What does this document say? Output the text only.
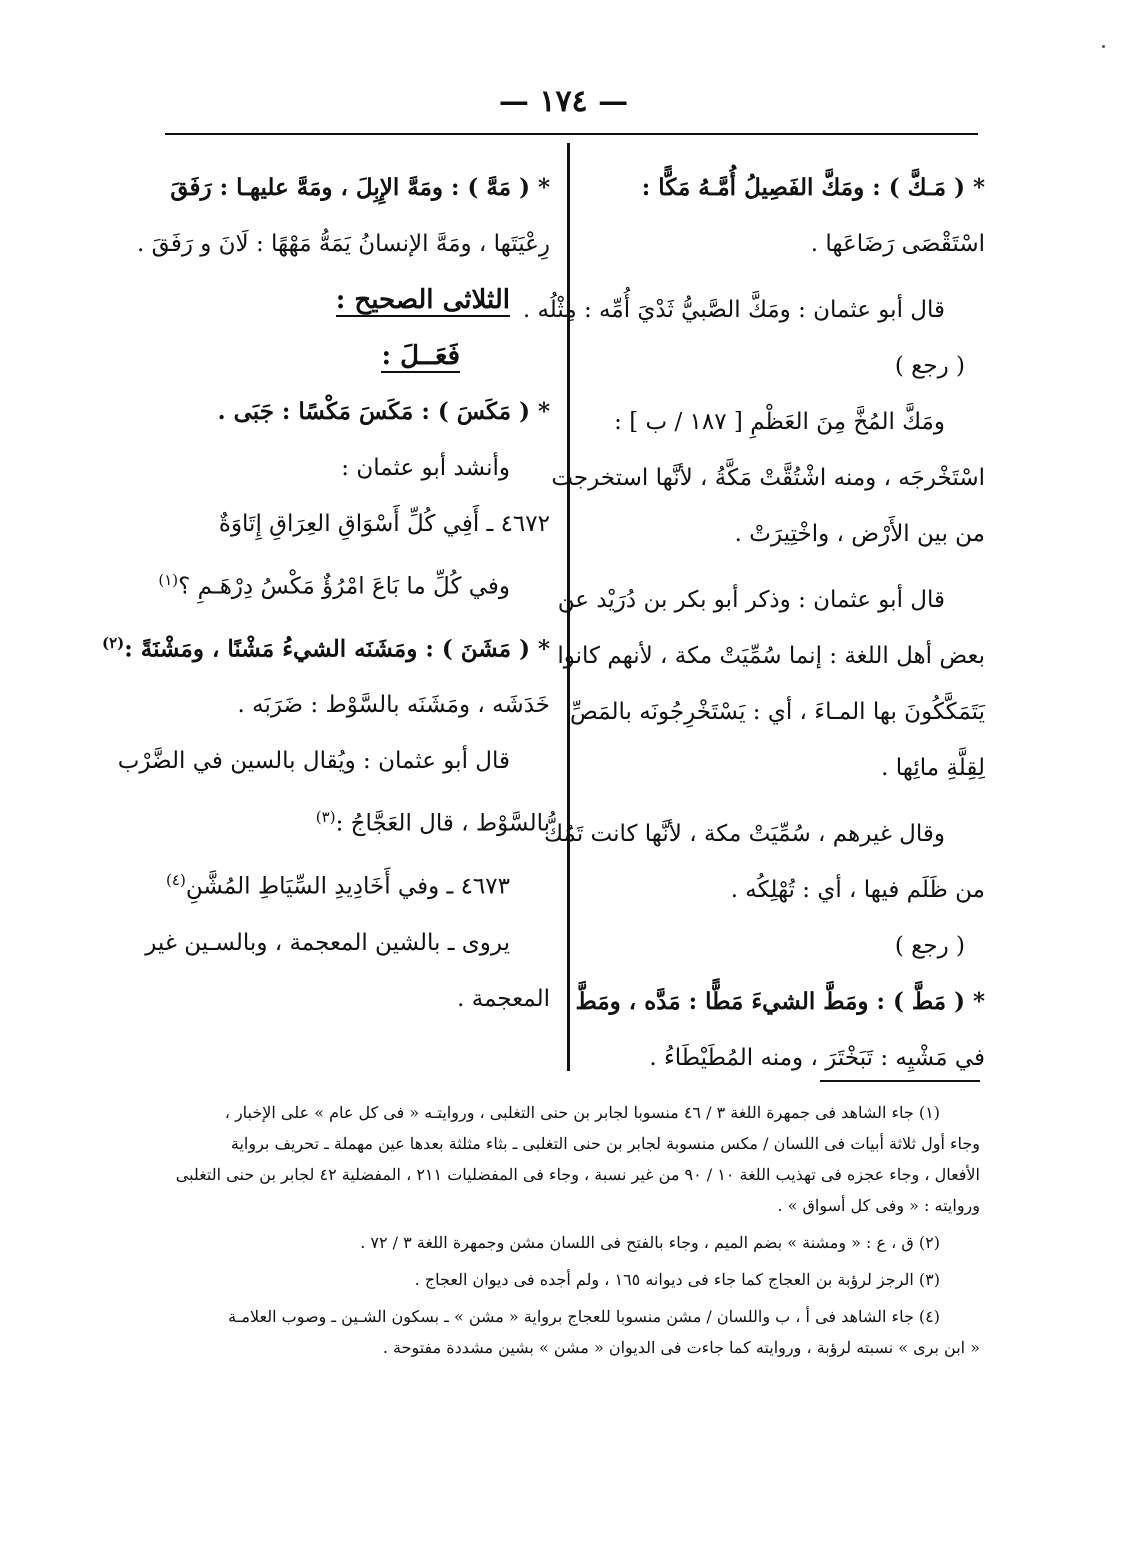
— ١٧٤ —
* ( مَـكَّ ) : ومَكَّ الفَصِيلُ أُمَّـهُ مَكًّا :
اسْتَقْصَى رَضَاعَها .
قال أبو عثمان : ومَكَّ الصَّبيُّ ثَدْيَ أُمِّه : مِثْلُه .
( رجع )
ومَكَّ المُخَّ مِنَ العَظْمِ [ ١٨٧ / ب ] :
اسْتَخْرجَه ، ومنه اشْتُقَّتْ مَكَّةُ ، لأنَّها استخرجت
من بين الأَرْض ، واخْتِيرَتْ .
قال أبو عثمان : وذكر أبو بكر بن دُرَيْد عن
بعض أهل اللغة : إنما سُمِّيَتْ مكة ، لأنهم كانوا
يَتَمَكَّكُونَ بها المـاءَ ، أي : يَسْتَخْرِجُونَه بالمَصِّ
لِقِلَّةِ مائِها .
وقال غيرهم ، سُمِّيَتْ مكة ، لأنَّها كانت تَمُكُّ
من ظَلَم فيها ، أي : تُهْلِكُه .
( رجع )
* ( مَطَّ ) : ومَطَّ الشيءَ مَطًّا : مَدَّه ، ومَطَّ
في مَشْيِه : تَبَخْتَرَ ، ومنه المُطَيْطَاءُ .
* ( مَهَّ ) : ومَهَّ الإِبِلَ ، ومَهَّ عليهـا : رَفَقَ
رِعْيَتَها ، ومَهَّ الإنسانُ يَمَهُّ مَهْهًا : لَانَ و رَفَقَ .
الثلاثى الصحيح :
فَعَــلَ :
* ( مَكَسَ ) : مَكَسَ مَكْسًا : جَبَى .
وأنشد أبو عثمان :
٤٦٧٢ ـ أَفِي كُلِّ أَسْوَاقِ العِرَاقِ إِتَاوَةٌ
وفي كُلِّ ما بَاعَ امْرُؤٌ مَكْسُ دِرْهَـمِ ؟$^{(١)}$
* ( مَشَنَ ) : ومَشَنَه الشيءُ مَشْنًا ، ومَشْنَةً :$^{(٢)}$
خَدَشَه ، ومَشَنَه بالسَّوْط : ضَرَبَه .
قال أبو عثمان : ويُقال بالسين في الضَّرْب
بالسَّوْط ، قال العَجَّاجُ :$^{(٣)}$
٤٦٧٣ ـ وفي أَخَادِيدِ السِّيَاطِ المُشَّنِ$^{(٤)}$
يروى ـ بالشين المعجمة ، وبالسـين غير
المعجمة .
(١) جاء الشاهد فى جمهرة اللغة ٣ / ٤٦ منسوبا لجابر بن حنى التغلبى ، وروايتـه « فى كل عام » على الإخبار ،
وجاء أول ثلاثة أبيات فى اللسان / مكس منسوبة لجابر بن حنى التغلبى ـ بثاء مثلثة بعدها عين مهملة ـ تحريف برواية
الأفعال ، وجاء عجزه فى تهذيب اللغة ١٠ / ٩٠ من غير نسبة ، وجاء فى المفضليات ٢١١ ، المفضلية ٤٢ لجابر بن حنى التغلبى
وروايته : « وفى كل أسواق » .
(٢) ق ، ع : « ومشنة » بضم الميم ، وجاء بالفتح فى اللسان مشن وجمهرة اللغة ٣ / ٧٢ .
(٣) الرجز لرؤبة بن العجاج كما جاء فى ديوانه ١٦٥ ، ولم أجده فى ديوان العجاج .
(٤) جاء الشاهد فى أ ، ب واللسان / مشن منسوبا للعجاج برواية « مشن » ـ بسكون الشـين ـ وصوب العلامـة
« ابن برى » نسبته لرؤبة ، وروايته كما جاءت فى الديوان « مشن » بشين مشددة مفتوحة .
